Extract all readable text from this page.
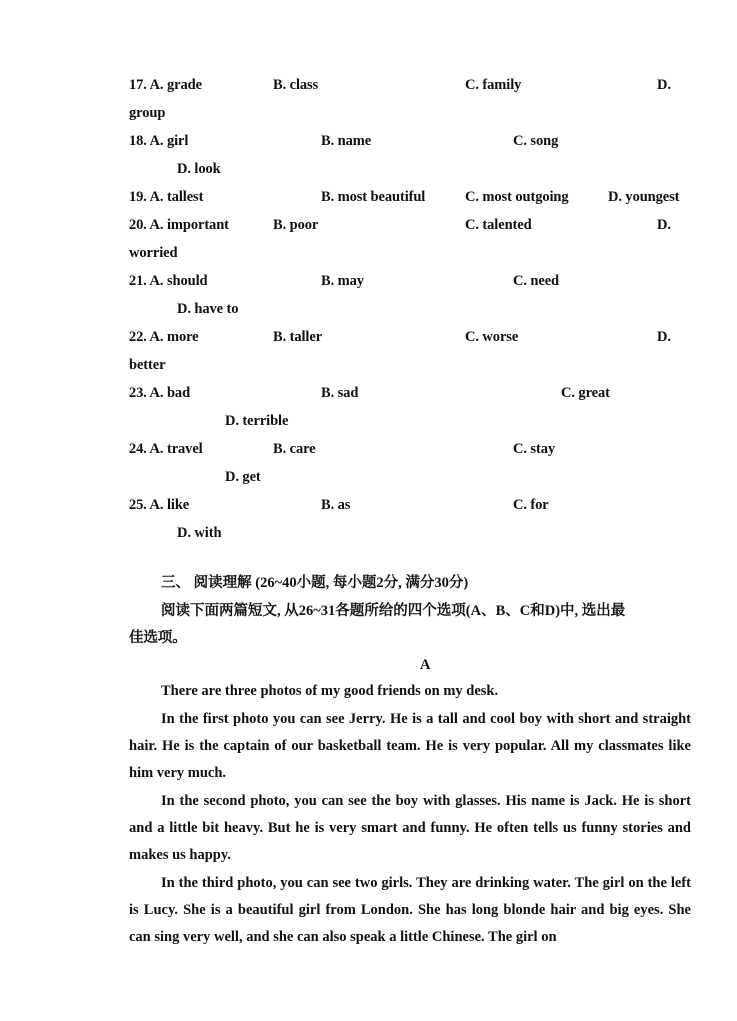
17. A. grade	B. class	C. family	D.
group
18. A. girl	B. name	C. song
D. look
19. A. tallest	B. most beautiful	C. most outgoing	D. youngest
20. A. important	B. poor	C. talented	D.
worried
21. A. should	B. may	C. need
D. have to
22. A. more	B. taller	C. worse	D.
better
23. A. bad	B. sad	C. great
D. terrible
24. A. travel	B. care	C. stay
D. get
25. A. like	B. as	C. for
D. with
三、 阅读理解 (26~40小题, 每小题2分, 满分30分)
阅读下面两篇短文, 从26~31各题所给的四个选项(A、B、C和D)中, 选出最
佳选项。
A
There are three photos of my good friends on my desk.
In the first photo you can see Jerry. He is a tall and cool boy with short and straight hair. He is the captain of our basketball team. He is very popular. All my classmates like him very much.
In the second photo, you can see the boy with glasses. His name is Jack. He is short and a little bit heavy. But he is very smart and funny. He often tells us funny stories and makes us happy.
In the third photo, you can see two girls. They are drinking water. The girl on the left is Lucy. She is a beautiful girl from London. She has long blonde hair and big eyes. She can sing very well, and she can also speak a little Chinese. The girl on
